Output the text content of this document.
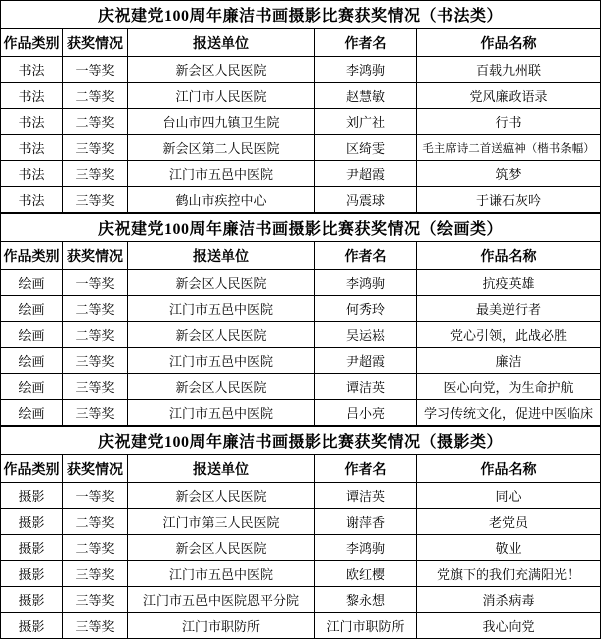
庆祝建党100周年廉洁书画摄影比赛获奖情况（书法类）				
作品类别	获奖情况	报送单位	作者名	作品名称
书法	一等奖	新会区人民医院	李鸿驹	百载九州联
书法	二等奖	江门市人民医院	赵慧敏	党风廉政语录
书法	二等奖	台山市四九镇卫生院	刘广社	行书
书法	三等奖	新会区第二人民医院	区绮雯	毛主席诗二首送瘟神（楷书条幅）
书法	三等奖	江门市五邑中医院	尹超霞	筑梦
书法	三等奖	鹤山市疾控中心	冯震球	于谦石灰吟
庆祝建党100周年廉洁书画摄影比赛获奖情况（绘画类）				
作品类别	获奖情况	报送单位	作者名	作品名称
绘画	一等奖	新会区人民医院	李鸿驹	抗疫英雄
绘画	二等奖	江门市五邑中医院	何秀玲	最美逆行者
绘画	二等奖	新会区人民医院	吴运崧	党心引领，此战必胜
绘画	三等奖	江门市五邑中医院	尹超霞	廉洁
绘画	三等奖	新会区人民医院	谭洁英	医心向党，为生命护航
绘画	三等奖	江门市五邑中医院	吕小亮	学习传统文化，促进中医临床
庆祝建党100周年廉洁书画摄影比赛获奖情况（摄影类）				
作品类别	获奖情况	报送单位	作者名	作品名称
摄影	一等奖	新会区人民医院	谭洁英	同心
摄影	二等奖	江门市第三人民医院	谢萍香	老党员
摄影	二等奖	新会区人民医院	李鸿驹	敬业
摄影	三等奖	江门市五邑中医院	欧红樱	党旗下的我们充满阳光！
摄影	三等奖	江门市五邑中医院恩平分院	黎永想	消杀病毒
摄影	三等奖	江门市职防所	江门市职防所	我心向党
